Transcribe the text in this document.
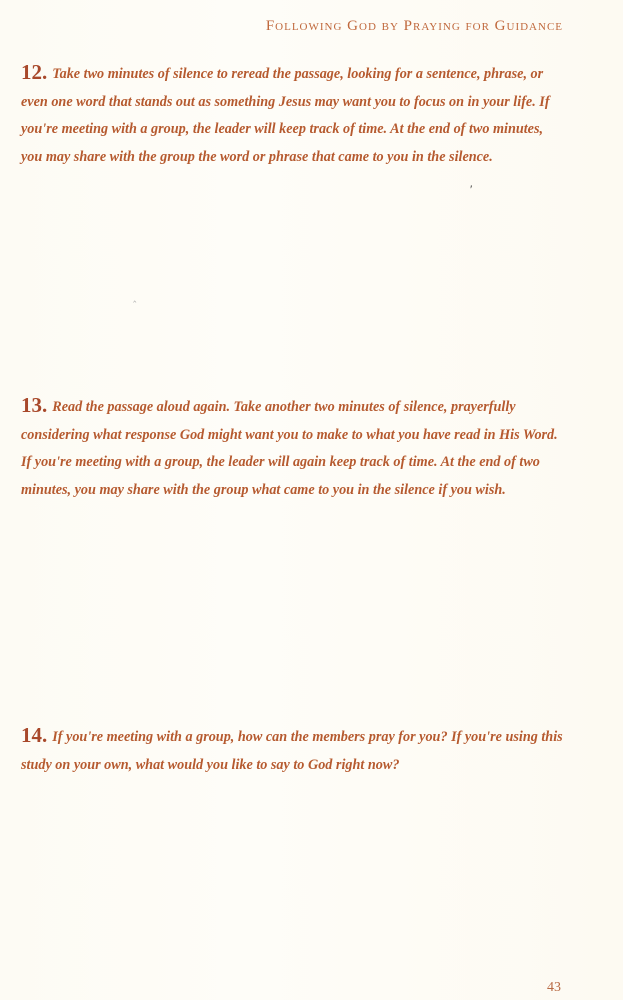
Following God by Praying for Guidance
12. Take two minutes of silence to reread the passage, looking for a sentence, phrase, or even one word that stands out as something Jesus may want you to focus on in your life. If you're meeting with a group, the leader will keep track of time. At the end of two minutes, you may share with the group the word or phrase that came to you in the silence.
13. Read the passage aloud again. Take another two minutes of silence, prayerfully considering what response God might want you to make to what you have read in His Word. If you're meeting with a group, the leader will again keep track of time. At the end of two minutes, you may share with the group what came to you in the silence if you wish.
14. If you're meeting with a group, how can the members pray for you? If you're using this study on your own, what would you like to say to God right now?
′
‸
43
